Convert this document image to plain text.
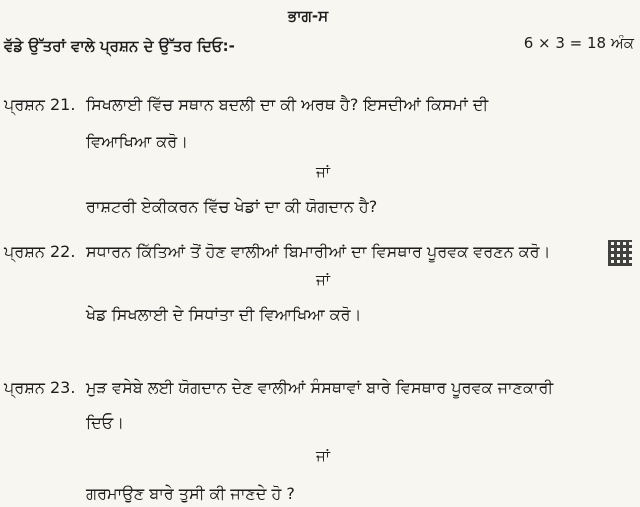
ਭਾਗ-ਸ
ਵੱਡੇ ਉੱਤਰਾਂ ਵਾਲੇ ਪ੍ਰਸ਼ਨ ਦੇ ਉੱਤਰ ਦਿਓ:-	6 × 3 = 18 ਅੰਕ
ਪ੍ਰਸ਼ਨ 21. ਸਿਖਲਾਈ ਵਿੱਚ ਸਥਾਨ ਬਦਲੀ ਦਾ ਕੀ ਅਰਥ ਹੈ? ਇਸਦੀਆਂ ਕਿਸਮਾਂ ਦੀ
ਵਿਆਖਿਆ ਕਰੋ।
ਜਾਂ
ਰਾਸ਼ਟਰੀ ਏਕੀਕਰਨ ਵਿੱਚ ਖੇਡਾਂ ਦਾ ਕੀ ਯੋਗਦਾਨ ਹੈ?
ਪ੍ਰਸ਼ਨ 22. ਸਧਾਰਨ ਕਿੱਤਿਆਂ ਤੋਂ ਹੋਣ ਵਾਲੀਆਂ ਬਿਮਾਰੀਆਂ ਦਾ ਵਿਸਥਾਰ ਪੂਰਵਕ ਵਰਣਨ ਕਰੋ।
ਜਾਂ
ਖੇਡ ਸਿਖਲਾਈ ਦੇ ਸਿਧਾਂਤਾ ਦੀ ਵਿਆਖਿਆ ਕਰੋ।
ਪ੍ਰਸ਼ਨ 23. ਮੁੜ ਵਸੇਬੇ ਲਈ ਯੋਗਦਾਨ ਦੇਣ ਵਾਲੀਆਂ ਸੰਸਥਾਵਾਂ ਬਾਰੇ ਵਿਸਥਾਰ ਪੂਰਵਕ ਜਾਣਕਾਰੀ
ਦਿਓ।
ਜਾਂ
ਗਰਮਾਉਣ ਬਾਰੇ ਤੁਸੀ ਕੀ ਜਾਣਦੇ ਹੋ ?
